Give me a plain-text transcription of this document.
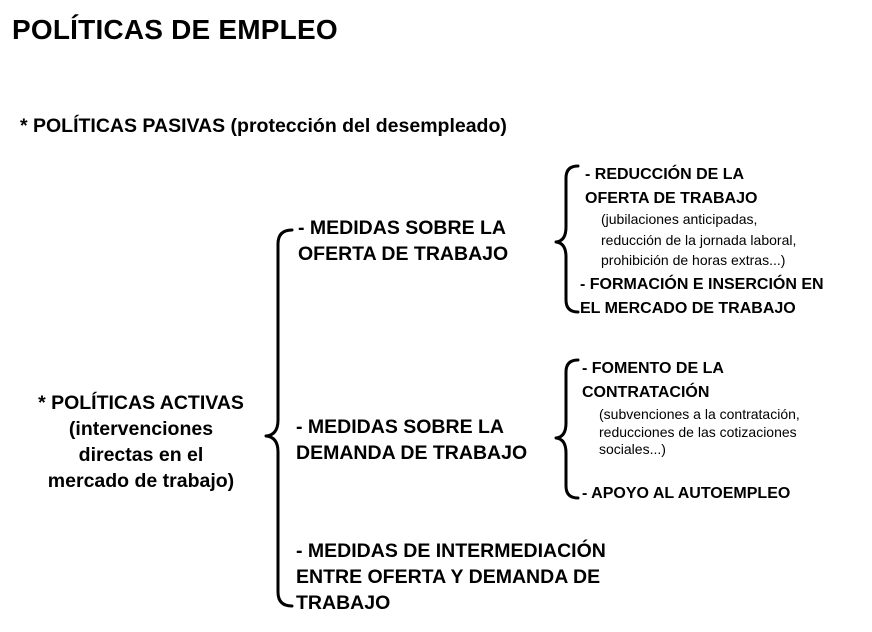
POLÍTICAS DE EMPLEO
* POLÍTICAS PASIVAS (protección del desempleado)
* POLÍTICAS ACTIVAS
(intervenciones
directas en el
mercado de trabajo)
- MEDIDAS SOBRE LA
OFERTA DE TRABAJO
- REDUCCIÓN DE LA
OFERTA DE TRABAJO
(jubilaciones anticipadas,
reducción de la jornada laboral,
prohibición de horas extras...)
- FORMACIÓN E INSERCIÓN EN
EL MERCADO DE TRABAJO
- MEDIDAS SOBRE LA
DEMANDA DE TRABAJO
- FOMENTO DE LA
CONTRATACIÓN
(subvenciones a la contratación,
reducciones de las cotizaciones
sociales...)
- APOYO AL AUTOEMPLEO
- MEDIDAS DE INTERMEDIACIÓN
ENTRE OFERTA Y DEMANDA DE
TRABAJO
